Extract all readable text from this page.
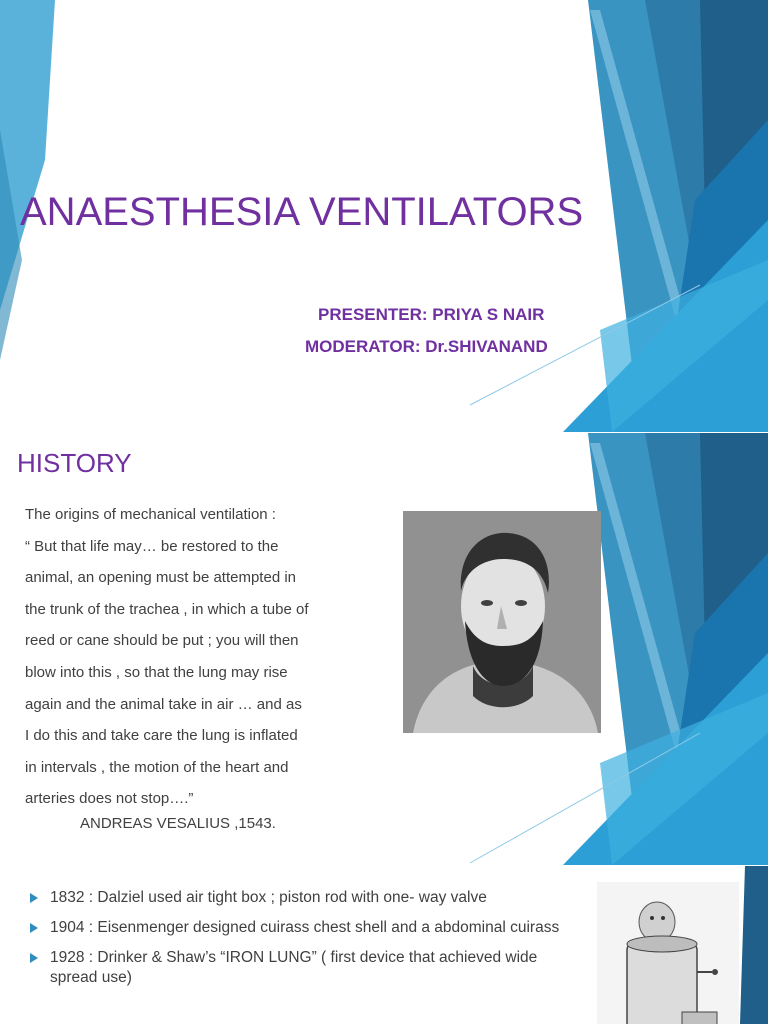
ANAESTHESIA VENTILATORS
PRESENTER: PRIYA S NAIR
MODERATOR: Dr.SHIVANAND
HISTORY
The origins of mechanical ventilation :
“ But that life may… be restored to the
animal, an opening must be attempted in
the trunk of the trachea , in which a tube of
reed or cane should be put ; you will then
blow into this , so that the lung may rise
again and the animal take in air … and as
I do this and take care the lung is inflated
in intervals , the motion of the heart and
arteries does not stop….”
ANDREAS VESALIUS ,1543.
1832 : Dalziel used air tight box ; piston rod with one- way valve
1904 : Eisenmenger designed cuirass chest shell and a abdominal cuirass
1928 : Drinker & Shaw’s “IRON LUNG” ( first device that achieved wide spread use)
